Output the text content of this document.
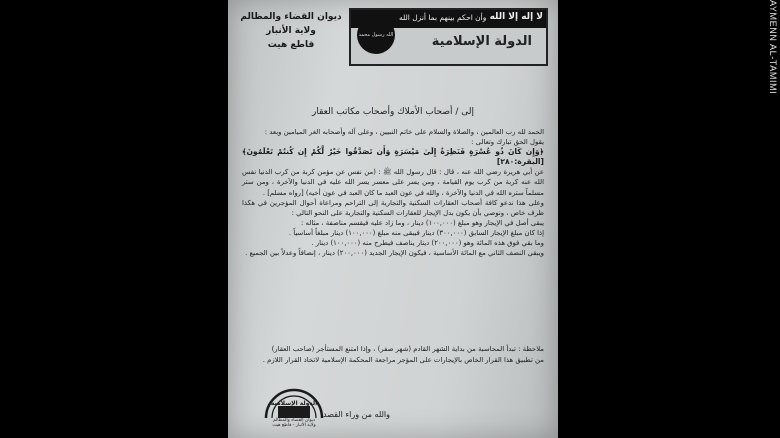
AYMENN AL-TAMIMI
لا إله إلا الله
وأن احكم بينهم بما أنزل الله
الله رسول محمد	الدولة الإسلامية
ديوان القضاء والمظالم
ولاية الأنبار
قاطع هيت
إلى / أصحاب الأملاك وأصحاب مكاتب العقار

الحمد لله رب العالمين ، والصلاة والسلام على خاتم النبيين ، وعلى آله وأصحابه الغر الميامين وبعد :

يقول الحق تبارك وتعالى :

﴿وَإِن كَانَ ذُو عُسْرَةٍ فَنَظِرَةٌ إِلَىٰ مَيْسَرَةٍ وَأَن تَصَدَّقُوا خَيْرٌ لَّكُمْ إِن كُنتُمْ تَعْلَمُونَ﴾ [البقرة:٢٨٠]

عن أبي هريرة رضي الله عنه ، قال : قال رسول الله ﷺ : (من نفس عن مؤمن كربة من كرب الدنيا نفس الله عنه كربة من كرب يوم القيامة ، ومن يسر على معسر يسر الله عليه في الدنيا والآخرة ، ومن ستر مسلماً ستره الله في الدنيا والآخرة ، والله في عون العبد ما كان العبد في عون أخيه) [رواه مسلم] .

وعلى هذا ندعو كافة أصحاب العقارات السكنية والتجارية إلى التراحم ومراعاة أحوال المؤجرين في هكذا ظرف خاص ، ونوصي بأن يكون بدل الإيجار للعقارات السكنية والتجارية على النحو التالي :

يبقى أصل في الإيجار وهو مبلغ (١٠٠,٠٠٠) دينار ، وما زاد عليه فيقسم مناصفة ، مثاله :

إذا كان مبلغ الإيجار السابق (٣٠٠,٠٠٠) دينار فيبقى منه مبلغ (١٠٠,٠٠٠) دينار مبلغاً أساسياً .

وما بقي فوق هذه المائة وهو (٢٠٠,٠٠٠) دينار يناصف فيطرح منه (١٠٠,٠٠٠) دينار .

ويبقى النصف الثاني مع المائة الأساسية ، فيكون الإيجار الجديد (٢٠٠,٠٠٠) دينار ، إنصافاً وعدلاً بين الجميع .

ملاحظة : تبدأ المحاسبة من بداية الشهر القادم (شهر صفر) ، وإذا امتنع المستأجر (صاحب العقار)
من تطبيق هذا القرار الخاص بالإيجارات على المؤجر مراجعة المحكمة الإسلامية لاتخاذ القرار اللازم .
الدولة الإسلامية
ديوان القضاء والمظالم
ولاية الأنبار - قاطع هيت
والله من وراء القصد
